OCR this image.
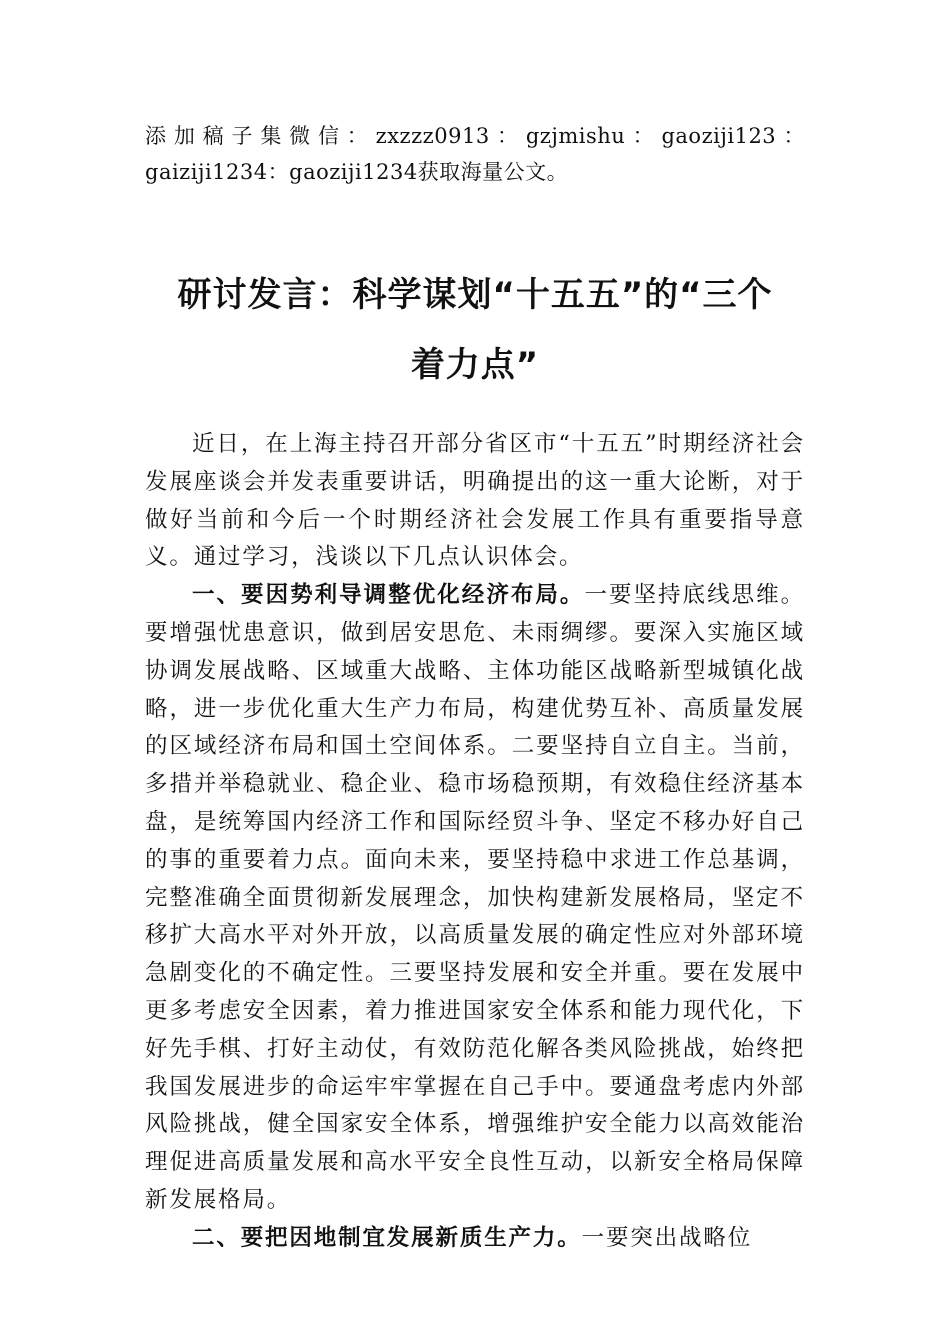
添加稿子集微信：zxzzz0913：gzjmishu：gaoziji123：gaiziji1234：gaoziji1234获取海量公文。

研讨发言：科学谋划“十五五”的“三个
着力点”

近日，在上海主持召开部分省区市“十五五”时期经济社会发展座谈会并发表重要讲话，明确提出的这一重大论断，对于做好当前和今后一个时期经济社会发展工作具有重要指导意义。通过学习，浅谈以下几点认识体会。

一、要因势利导调整优化经济布局。一要坚持底线思维。要增强忧患意识，做到居安思危、未雨绸缪。要深入实施区域协调发展战略、区域重大战略、主体功能区战略新型城镇化战略，进一步优化重大生产力布局，构建优势互补、高质量发展的区域经济布局和国土空间体系。二要坚持自立自主。当前，多措并举稳就业、稳企业、稳市场稳预期，有效稳住经济基本盘，是统筹国内经济工作和国际经贸斗争、坚定不移办好自己的事的重要着力点。面向未来，要坚持稳中求进工作总基调，完整准确全面贯彻新发展理念，加快构建新发展格局，坚定不移扩大高水平对外开放，以高质量发展的确定性应对外部环境急剧变化的不确定性。三要坚持发展和安全并重。要在发展中更多考虑安全因素，着力推进国家安全体系和能力现代化，下好先手棋、打好主动仗，有效防范化解各类风险挑战，始终把我国发展进步的命运牢牢掌握在自己手中。要通盘考虑内外部风险挑战，健全国家安全体系，增强维护安全能力以高效能治理促进高质量发展和高水平安全良性互动，以新安全格局保障新发展格局。

二、要把因地制宜发展新质生产力。一要突出战略位
